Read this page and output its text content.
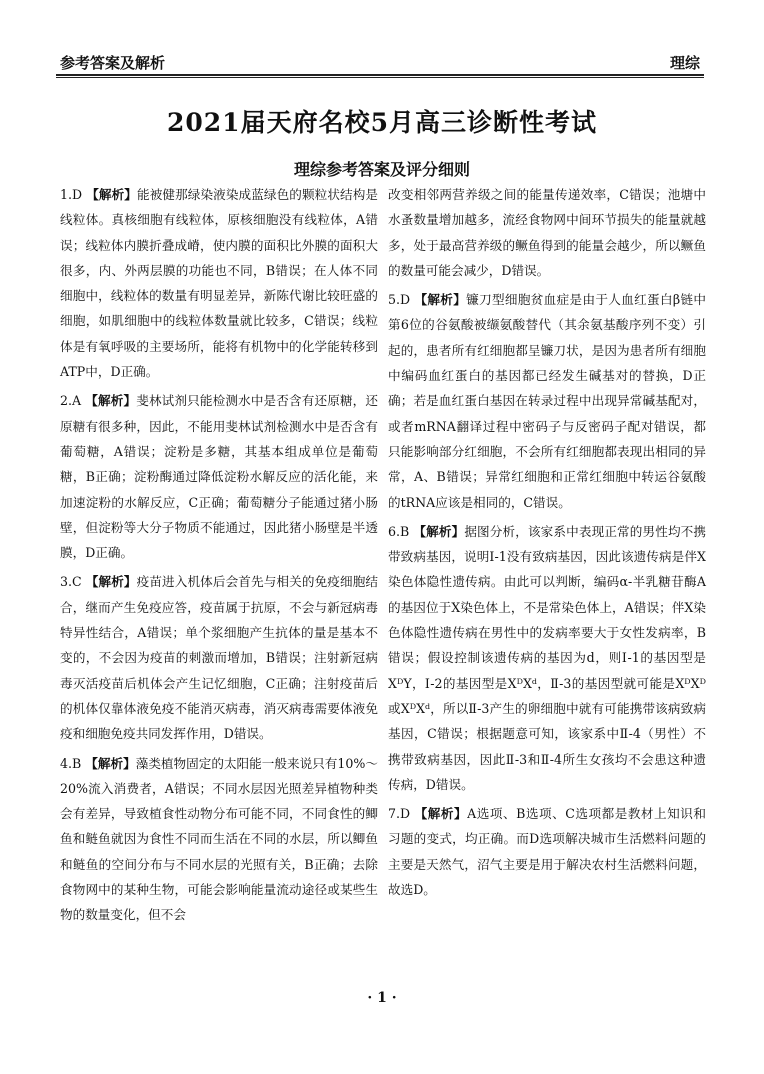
参考答案及解析	理综
2021届天府名校5月高三诊断性考试
理综参考答案及评分细则

1.D 【解析】能被健那绿染液染成蓝绿色的颗粒状结构是线粒体。真核细胞有线粒体，原核细胞没有线粒体，A错误；线粒体内膜折叠成嵴，使内膜的面积比外膜的面积大很多，内、外两层膜的功能也不同，B错误；在人体不同细胞中，线粒体的数量有明显差异，新陈代谢比较旺盛的细胞，如肌细胞中的线粒体数量就比较多，C错误；线粒体是有氧呼吸的主要场所，能将有机物中的化学能转移到ATP中，D正确。

2.A 【解析】斐林试剂只能检测水中是否含有还原糖，还原糖有很多种，因此，不能用斐林试剂检测水中是否含有葡萄糖，A错误；淀粉是多糖，其基本组成单位是葡萄糖，B正确；淀粉酶通过降低淀粉水解反应的活化能，来加速淀粉的水解反应，C正确；葡萄糖分子能通过猪小肠壁，但淀粉等大分子物质不能通过，因此猪小肠壁是半透膜，D正确。

3.C 【解析】疫苗进入机体后会首先与相关的免疫细胞结合，继而产生免疫应答，疫苗属于抗原，不会与新冠病毒特异性结合，A错误；单个浆细胞产生抗体的量是基本不变的，不会因为疫苗的刺激而增加，B错误；注射新冠病毒灭活疫苗后机体会产生记忆细胞，C正确；注射疫苗后的机体仅靠体液免疫不能消灭病毒，消灭病毒需要体液免疫和细胞免疫共同发挥作用，D错误。

4.B 【解析】藻类植物固定的太阳能一般来说只有10%～20%流入消费者，A错误；不同水层因光照差异植物种类会有差异，导致植食性动物分布可能不同，不同食性的鲫鱼和鲢鱼就因为食性不同而生活在不同的水层，所以鲫鱼和鲢鱼的空间分布与不同水层的光照有关，B正确；去除食物网中的某种生物，可能会影响能量流动途径或某些生物的数量变化，但不会

改变相邻两营养级之间的能量传递效率，C错误；池塘中水蚤数量增加越多，流经食物网中间环节损失的能量就越多，处于最高营养级的鳜鱼得到的能量会越少，所以鳜鱼的数量可能会减少，D错误。

5.D 【解析】镰刀型细胞贫血症是由于人血红蛋白β链中第6位的谷氨酸被缬氨酸替代（其余氨基酸序列不变）引起的，患者所有红细胞都呈镰刀状，是因为患者所有细胞中编码血红蛋白的基因都已经发生碱基对的替换，D正确；若是血红蛋白基因在转录过程中出现异常碱基配对，或者mRNA翻译过程中密码子与反密码子配对错误，都只能影响部分红细胞，不会所有红细胞都表现出相同的异常，A、B错误；异常红细胞和正常红细胞中转运谷氨酸的tRNA应该是相同的，C错误。

6.B 【解析】据图分析，该家系中表现正常的男性均不携带致病基因，说明Ⅰ-1没有致病基因，因此该遗传病是伴X染色体隐性遗传病。由此可以判断，编码α-半乳糖苷酶A的基因位于X染色体上，不是常染色体上，A错误；伴X染色体隐性遗传病在男性中的发病率要大于女性发病率，B错误；假设控制该遗传病的基因为d，则Ⅰ-1的基因型是XᴰY，Ⅰ-2的基因型是XᴰXᵈ，Ⅱ-3的基因型就可能是XᴰXᴰ或XᴰXᵈ，所以Ⅱ-3产生的卵细胞中就有可能携带该病致病基因，C错误；根据题意可知，该家系中Ⅱ-4（男性）不携带致病基因，因此Ⅱ-3和Ⅱ-4所生女孩均不会患这种遗传病，D错误。

7.D 【解析】A选项、B选项、C选项都是教材上知识和习题的变式，均正确。而D选项解决城市生活燃料问题的主要是天然气，沼气主要是用于解决农村生活燃料问题，故选D。

· 1 ·
